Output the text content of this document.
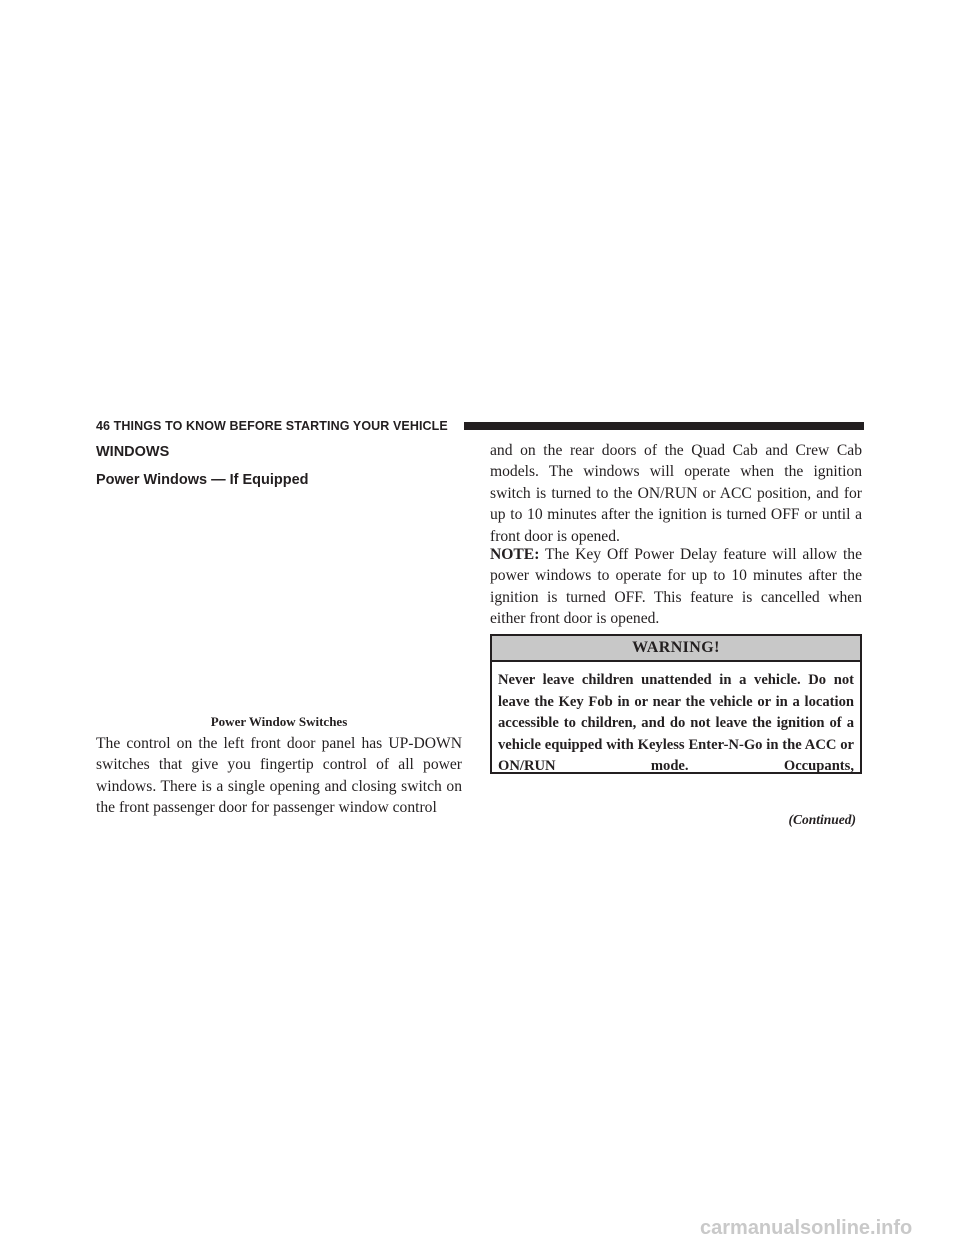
46 THINGS TO KNOW BEFORE STARTING YOUR VEHICLE
WINDOWS
Power Windows — If Equipped
Power Window Switches

The control on the left front door panel has UP-DOWN switches that give you fingertip control of all power windows. There is a single opening and closing switch on the front passenger door for passenger window control

and on the rear doors of the Quad Cab and Crew Cab models. The windows will operate when the ignition switch is turned to the ON/RUN or ACC position, and for up to 10 minutes after the ignition is turned OFF or until a front door is opened.

NOTE: The Key Off Power Delay feature will allow the power windows to operate for up to 10 minutes after the ignition is turned OFF. This feature is cancelled when either front door is opened.

WARNING!

Never leave children unattended in a vehicle. Do not leave the Key Fob in or near the vehicle or in a location accessible to children, and do not leave the ignition of a vehicle equipped with Keyless Enter-N-Go in the ACC or ON/RUN mode. Occupants,

(Continued)
carmanualsonline.info
